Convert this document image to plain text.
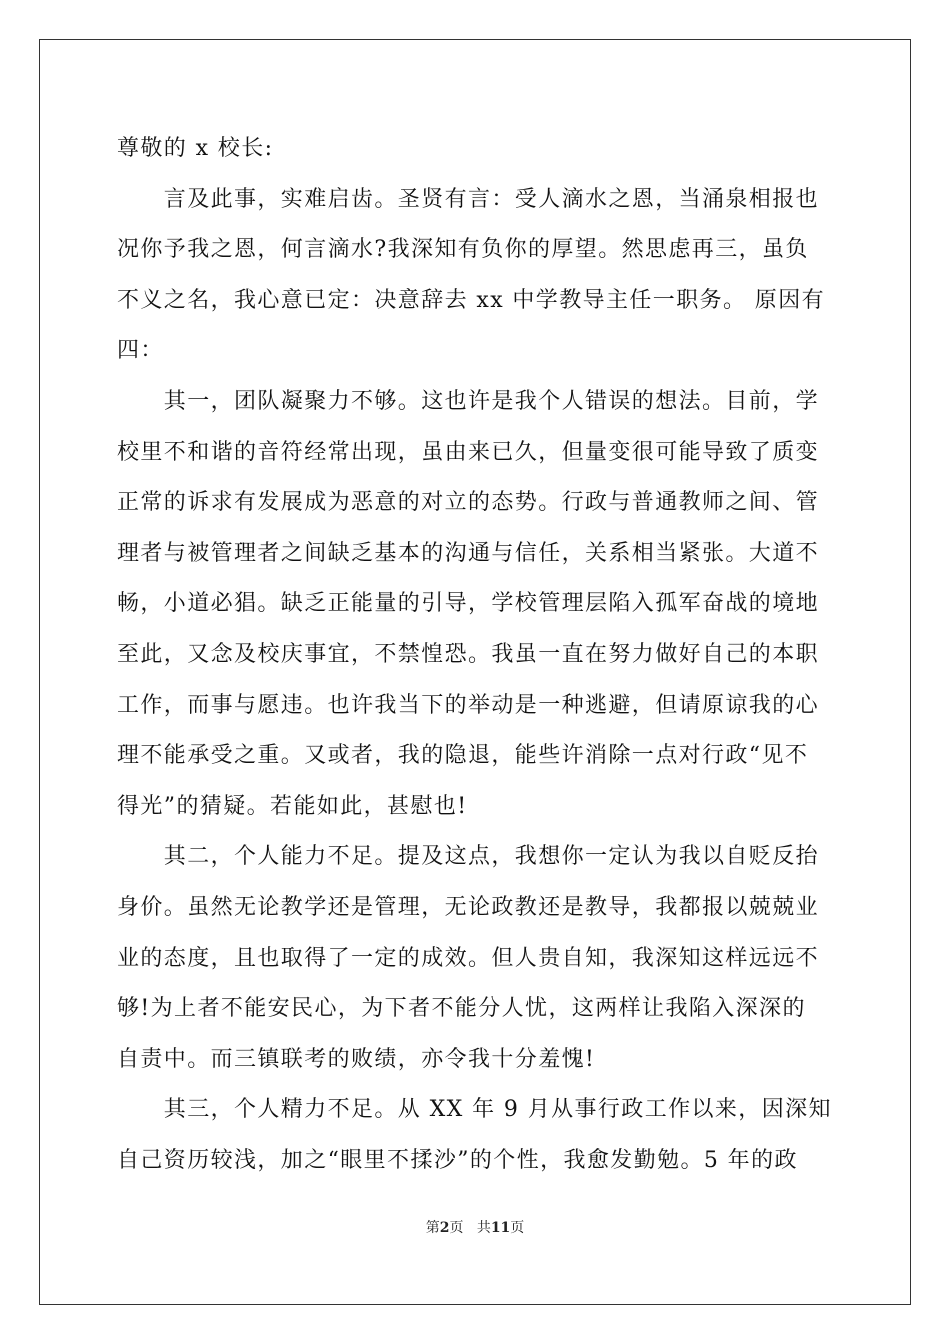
尊敬的 x 校长:
　　言及此事，实难启齿。圣贤有言：受人滴水之恩，当涌泉相报也
况你予我之恩，何言滴水?我深知有负你的厚望。然思虑再三，虽负
不义之名，我心意已定：决意辞去 xx 中学教导主任一职务。 原因有
四：
　　其一，团队凝聚力不够。这也许是我个人错误的想法。目前，学
校里不和谐的音符经常出现，虽由来已久，但量变很可能导致了质变
正常的诉求有发展成为恶意的对立的态势。行政与普通教师之间、管
理者与被管理者之间缺乏基本的沟通与信任，关系相当紧张。大道不
畅，小道必猖。缺乏正能量的引导，学校管理层陷入孤军奋战的境地
至此，又念及校庆事宜，不禁惶恐。我虽一直在努力做好自己的本职
工作，而事与愿违。也许我当下的举动是一种逃避，但请原谅我的心
理不能承受之重。又或者，我的隐退，能些许消除一点对行政“见不
得光”的猜疑。若能如此，甚慰也!
　　其二，个人能力不足。提及这点，我想你一定认为我以自贬反抬
身价。虽然无论教学还是管理，无论政教还是教导，我都报以兢兢业
业的态度，且也取得了一定的成效。但人贵自知，我深知这样远远不
够!为上者不能安民心，为下者不能分人忧，这两样让我陷入深深的
自责中。而三镇联考的败绩，亦令我十分羞愧!
　　其三，个人精力不足。从 XX 年 9 月从事行政工作以来，因深知
自己资历较浅，加之“眼里不揉沙”的个性，我愈发勤勉。5 年的政
第2页 共11页
